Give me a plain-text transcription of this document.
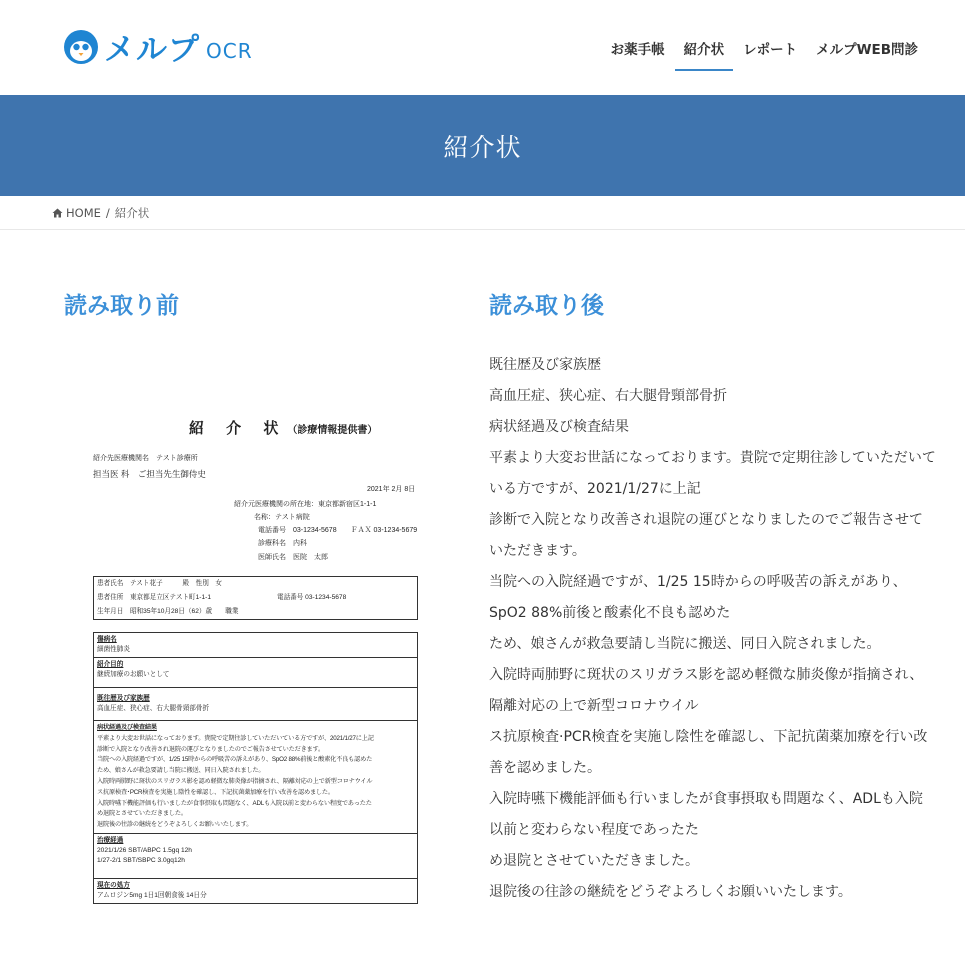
メルプ OCR	お薬手帳 紹介状 レポート メルプWEB問診
紹介状
HOME / 紹介状
読み取り前	読み取り後
紹 介 状（診療情報提供書）
紹介先医療機関名　テスト診療所
担当医 科　ご担当先生御侍史
2021年 2月 8日
紹介元医療機関の所在地：東京都新宿区1-1-1
名称：テスト病院
電話番号　03-1234-5678　　ＦＡＸ 03-1234-5679
診療科名　内科
医師氏名　医院　太郎
患者氏名　テスト花子　　　殿　性別　女
患者住所　東京都足立区テスト町1-1-1　　　　　　　　　　電話番号 03-1234-5678
生年月日　昭和35年10月28日（62）歳　　職業
傷病名
細菌性肺炎
紹介目的
継続加療のお願いとして
既往歴及び家族歴
高血圧症、狭心症、右大腿骨頸部骨折
病状経過及び検査結果
平素より大変お世話になっております。貴院で定期往診していただいている方ですが、2021/1/27に上記
診断で入院となり改善され退院の運びとなりましたのでご報告させていただきます。
当院への入院経過ですが、1/25 15時からの呼吸苦の訴えがあり、SpO2 88%前後と酸素化不良も認めた
ため、娘さんが救急要請し当院に搬送、同日入院されました。
入院時両肺野に斑状のスリガラス影を認め軽微な肺炎像が指摘され、隔離対応の上で新型コロナウイル
ス抗原検査･PCR検査を実施し陰性を確認し、下記抗菌薬加療を行い改善を認めました。
入院時嚥下機能評価も行いましたが食事摂取も問題なく、ADLも入院以前と変わらない程度であったた
め退院とさせていただきました。
退院後の往診の継続をどうぞよろしくお願いいたします。
治療経過
2021/1/26 SBT/ABPC 1.5gq 12h
1/27-2/1 SBT/SBPC 3.0gq12h
現在の処方
アムロジン5mg 1日1回朝食後 14日分
既往歴及び家族歴
高血圧症、狭心症、右大腿骨頸部骨折
病状経過及び検査結果
平素より大変お世話になっております。貴院で定期往診していただいて
いる方ですが、2021/1/27に上記
診断で入院となり改善され退院の運びとなりましたのでご報告させて
いただきます。
当院への入院経過ですが、1/25 15時からの呼吸苦の訴えがあり、
SpO2 88%前後と酸素化不良も認めた
ため、娘さんが救急要請し当院に搬送、同日入院されました。
入院時両肺野に斑状のスリガラス影を認め軽微な肺炎像が指摘され、
隔離対応の上で新型コロナウイル
ス抗原検査·PCR検査を実施し陰性を確認し、下記抗菌薬加療を行い改
善を認めました。
入院時嚥下機能評価も行いましたが食事摂取も問題なく、ADLも入院
以前と変わらない程度であったた
め退院とさせていただきました。
退院後の往診の継続をどうぞよろしくお願いいたします。
